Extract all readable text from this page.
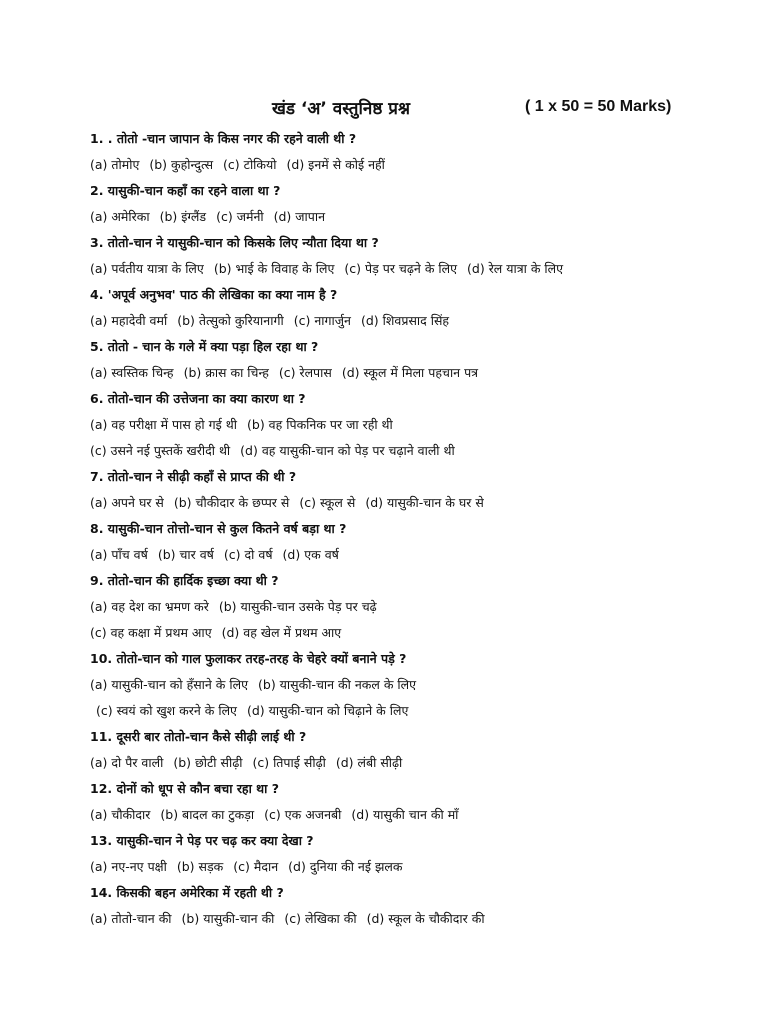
खंड ‘अ’ वस्तुनिष्ठ प्रश्न	( 1 x 50 = 50 Marks)
1. . तोतो -चान जापान के किस नगर की रहने वाली थी ?
(a) तोमोए (b) कुहोन्दुत्स (c) टोकियो (d) इनमें से कोई नहीं
2. यासुकी-चान कहाँ का रहने वाला था ?
(a) अमेरिका (b) इंग्लैंड (c) जर्मनी (d) जापान
3. तोतो-चान ने यासुकी-चान को किसके लिए न्यौता दिया था ?
(a) पर्वतीय यात्रा के लिए (b) भाई के विवाह के लिए (c) पेड़ पर चढ़ने के लिए (d) रेल यात्रा के लिए
4. 'अपूर्व अनुभव' पाठ की लेखिका का क्या नाम है ?
(a) महादेवी वर्मा (b) तेत्सुको कुरियानागी (c) नागार्जुन (d) शिवप्रसाद सिंह
5. तोतो - चान के गले में क्या पड़ा हिल रहा था ?
(a) स्वस्तिक चिन्ह (b) क्रास का चिन्ह (c) रेलपास (d) स्कूल में मिला पहचान पत्र
6. तोतो-चान की उत्तेजना का क्या कारण था ?
(a) वह परीक्षा में पास हो गई थी (b) वह पिकनिक पर जा रही थी
(c) उसने नई पुस्तकें खरीदी थी (d) वह यासुकी-चान को पेड़ पर चढ़ाने वाली थी
7. तोतो-चान ने सीढ़ी कहाँ से प्राप्त की थी ?
(a) अपने घर से (b) चौकीदार के छप्पर से (c) स्कूल से (d) यासुकी-चान के घर से
8. यासुकी-चान तोत्तो-चान से कुल कितने वर्ष बड़ा था ?
(a) पाँच वर्ष (b) चार वर्ष (c) दो वर्ष (d) एक वर्ष
9. तोतो-चान की हार्दिक इच्छा क्या थी ?
(a) वह देश का भ्रमण करे (b) यासुकी-चान उसके पेड़ पर चढ़े
(c) वह कक्षा में प्रथम आए (d) वह खेल में प्रथम आए
10. तोतो-चान को गाल फुलाकर तरह-तरह के चेहरे क्यों बनाने पड़े ?
(a) यासुकी-चान को हँसाने के लिए (b) यासुकी-चान की नकल के लिए
(c) स्वयं को खुश करने के लिए (d) यासुकी-चान को चिढ़ाने के लिए
11. दूसरी बार तोतो-चान कैसे सीढ़ी लाई थी ?
(a) दो पैर वाली (b) छोटी सीढ़ी (c) तिपाई सीढ़ी (d) लंबी सीढ़ी
12. दोनों को धूप से कौन बचा रहा था ?
(a) चौकीदार (b) बादल का टुकड़ा (c) एक अजनबी (d) यासुकी चान की माँ
13. यासुकी-चान ने पेड़ पर चढ़ कर क्या देखा ?
(a) नए-नए पक्षी (b) सड़क (c) मैदान (d) दुनिया की नई झलक
14. किसकी बहन अमेरिका में रहती थी ?
(a) तोतो-चान की (b) यासुकी-चान की (c) लेखिका की (d) स्कूल के चौकीदार की
